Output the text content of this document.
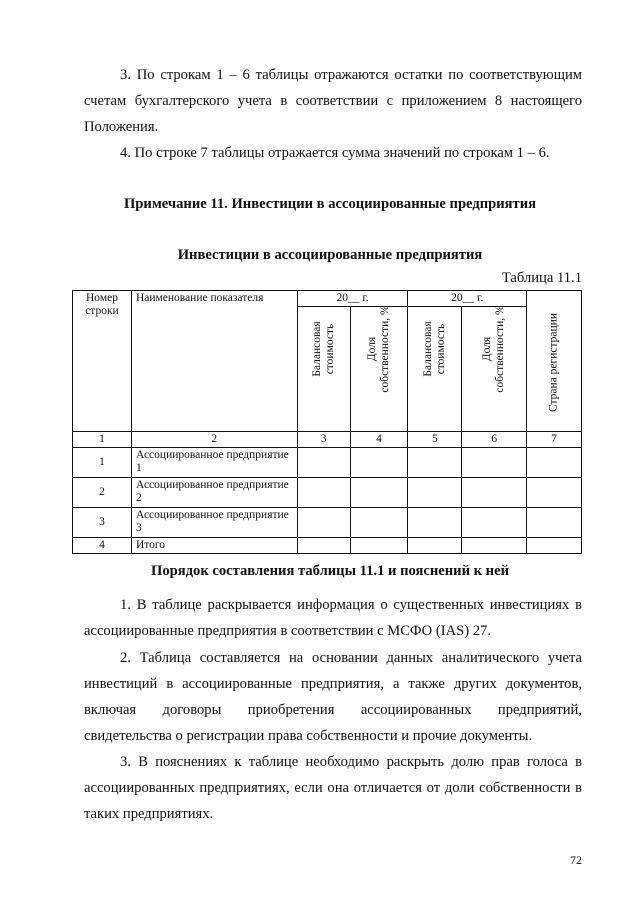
3. По строкам 1 – 6 таблицы отражаются остатки по соответствующим счетам бухгалтерского учета в соответствии с приложением 8 настоящего Положения.

4. По строке 7 таблицы отражается сумма значений по строкам 1 – 6.

Примечание 11. Инвестиции в ассоциированные предприятия

Инвестиции в ассоциированные предприятия

Таблица 11.1
Номер строки	Наименование показателя	20__ г.		20__ г.		Страна регистрации

		Балансовая стоимость	Доля собственности, %	Балансовая стоимость	Доля собственности, %	

1	2	3	4	5	6	7
1	Ассоциированное предприятие 1					
2	Ассоциированное предприятие 2					
3	Ассоциированное предприятие 3					
4	Итого					

Порядок составления таблицы 11.1 и пояснений к ней

1. В таблице раскрывается информация о существенных инвестициях в ассоциированные предприятия в соответствии с МСФО (IAS) 27.

2. Таблица составляется на основании данных аналитического учета инвестиций в ассоциированные предприятия, а также других документов, включая договоры приобретения ассоциированных предприятий, свидетельства о регистрации права собственности и прочие документы.

3. В пояснениях к таблице необходимо раскрыть долю прав голоса в ассоциированных предприятиях, если она отличается от доли собственности в таких предприятиях.

72
